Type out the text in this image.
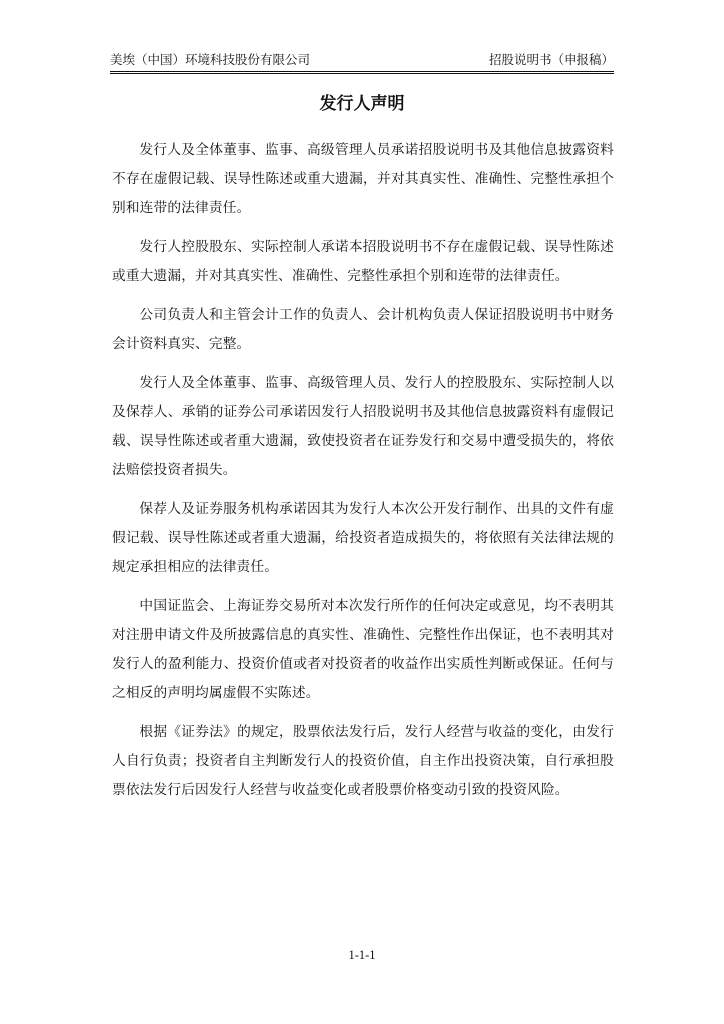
美埃（中国）环境科技股份有限公司	招股说明书（申报稿）
发行人声明

发行人及全体董事、监事、高级管理人员承诺招股说明书及其他信息披露资料不存在虚假记载、误导性陈述或重大遗漏，并对其真实性、准确性、完整性承担个别和连带的法律责任。

发行人控股股东、实际控制人承诺本招股说明书不存在虚假记载、误导性陈述或重大遗漏，并对其真实性、准确性、完整性承担个别和连带的法律责任。

公司负责人和主管会计工作的负责人、会计机构负责人保证招股说明书中财务会计资料真实、完整。

发行人及全体董事、监事、高级管理人员、发行人的控股股东、实际控制人以及保荐人、承销的证券公司承诺因发行人招股说明书及其他信息披露资料有虚假记载、误导性陈述或者重大遗漏，致使投资者在证券发行和交易中遭受损失的，将依法赔偿投资者损失。

保荐人及证券服务机构承诺因其为发行人本次公开发行制作、出具的文件有虚假记载、误导性陈述或者重大遗漏，给投资者造成损失的，将依照有关法律法规的规定承担相应的法律责任。

中国证监会、上海证券交易所对本次发行所作的任何决定或意见，均不表明其对注册申请文件及所披露信息的真实性、准确性、完整性作出保证，也不表明其对发行人的盈利能力、投资价值或者对投资者的收益作出实质性判断或保证。任何与之相反的声明均属虚假不实陈述。

根据《证券法》的规定，股票依法发行后，发行人经营与收益的变化，由发行人自行负责；投资者自主判断发行人的投资价值，自主作出投资决策，自行承担股票依法发行后因发行人经营与收益变化或者股票价格变动引致的投资风险。

1-1-1
